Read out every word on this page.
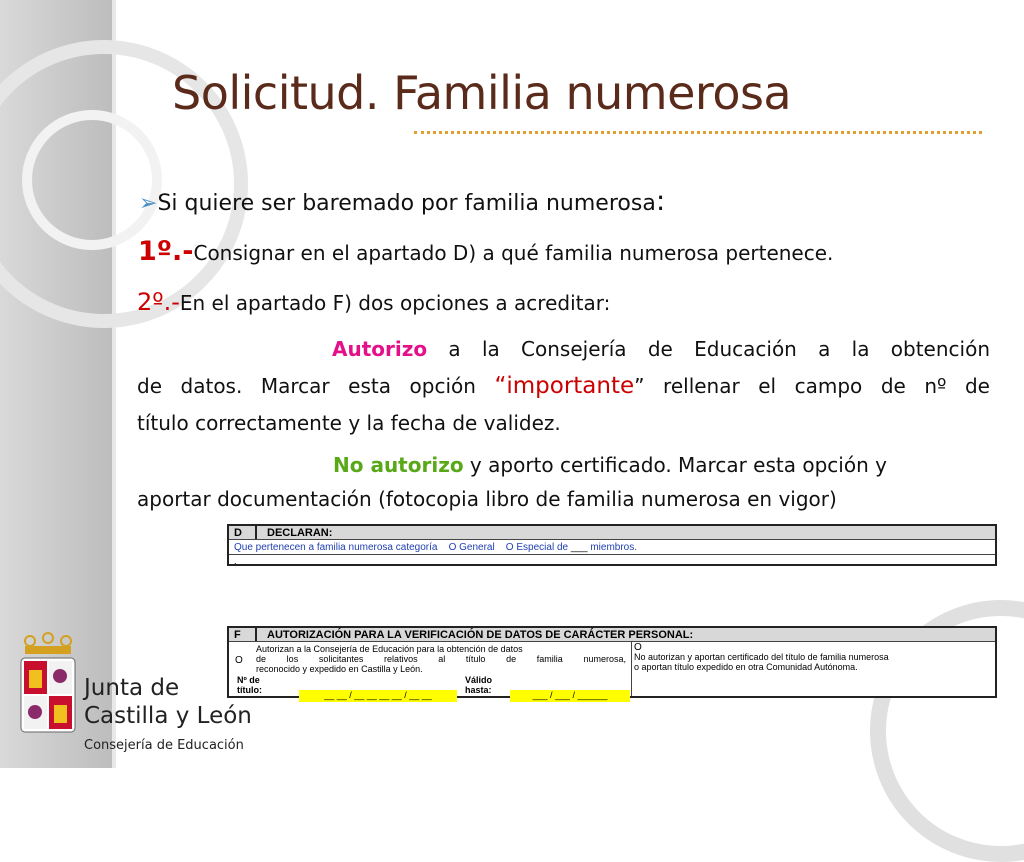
Solicitud. Familia numerosa
➢Si quiere ser baremado por familia numerosa:
1º.-Consignar en el apartado D) a qué familia numerosa pertenece.
2º.-En el apartado F) dos opciones a acreditar:
Autorizo a la Consejería de Educación a la obtención
de datos. Marcar esta opción “importante” rellenar el campo de nº de
título correctamente y la fecha de validez.
No autorizo y aporto certificado. Marcar esta opción y
aportar documentación (fotocopia libro de familia numerosa en vigor)
D	DECLARAN:
Que pertenecen a familia numerosa categoría    O General    O Especial de ___ miembros.
.
F	AUTORIZACIÓN PARA LA VERIFICACIÓN DE DATOS DE CARÁCTER PERSONAL:
O
Autorizan a la Consejería de Educación para la obtención de datos
de los solicitantes relativos al título de familia numerosa,
reconocido y expedido en Castilla y León.
Nº de título:	__ __ / __ __ __ __ / __ __
Válido hasta:	___ / ___ / ______
O
No autorizan y aportan certificado del título de familia numerosa
o aportan título expedido en otra Comunidad Autónoma.
Junta de
Castilla y León
Consejería de Educación
